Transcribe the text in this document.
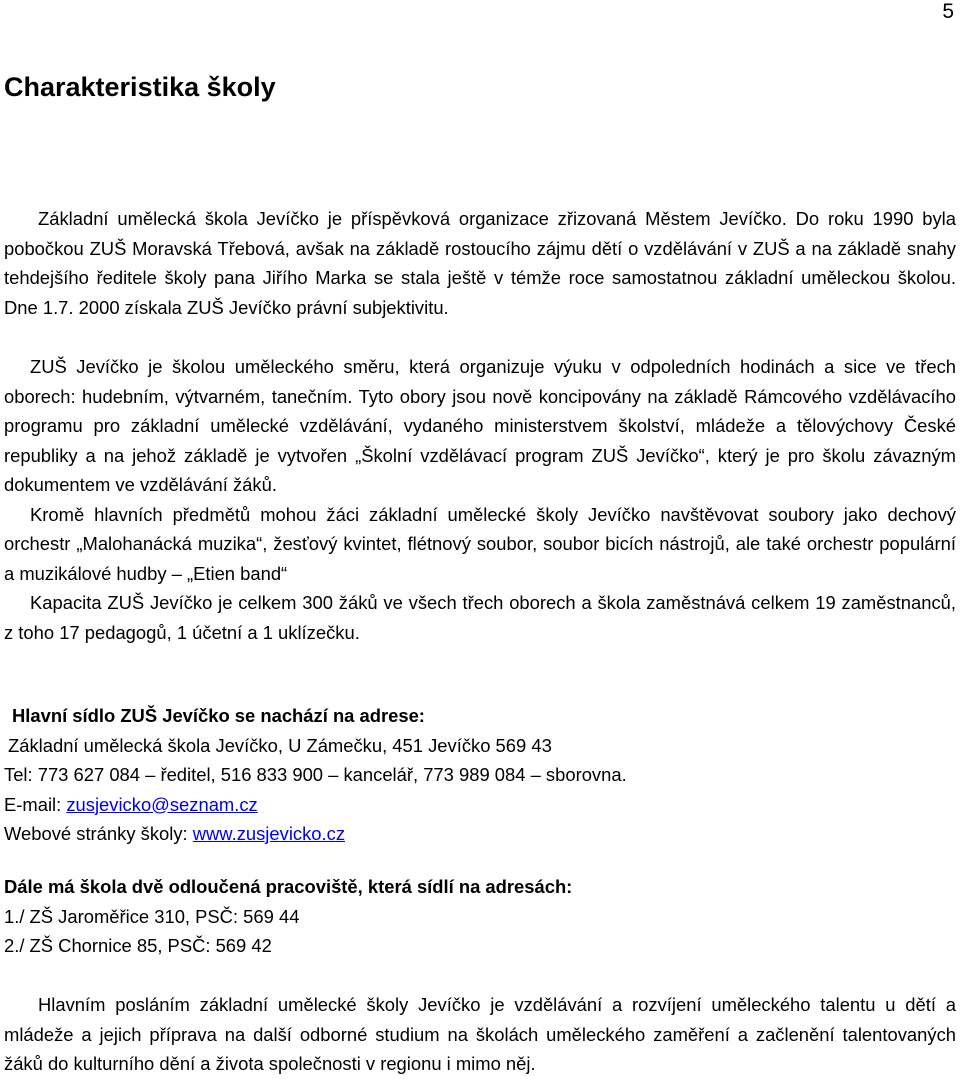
5
Charakteristika školy

Základní umělecká škola Jevíčko je příspěvková organizace zřizovaná Městem Jevíčko. Do roku 1990 byla pobočkou ZUŠ Moravská Třebová, avšak na základě rostoucího zájmu dětí o vzdělávání v ZUŠ a na základě snahy tehdejšího ředitele školy pana Jiřího Marka se stala ještě v témže roce samostatnou základní uměleckou školou. Dne 1.7. 2000 získala ZUŠ Jevíčko právní subjektivitu.

ZUŠ Jevíčko je školou uměleckého směru, která organizuje výuku v odpoledních hodinách a sice ve třech oborech: hudebním, výtvarném, tanečním. Tyto obory jsou nově koncipovány na základě Rámcového vzdělávacího programu pro základní umělecké vzdělávání, vydaného ministerstvem školství, mládeže a tělovýchovy České republiky a na jehož základě je vytvořen „Školní vzdělávací program ZUŠ Jevíčko“, který je pro školu závazným dokumentem ve vzdělávání žáků.

Kromě hlavních předmětů mohou žáci základní umělecké školy Jevíčko navštěvovat soubory jako dechový orchestr „Malohanácká muzika“, žesťový kvintet, flétnový soubor, soubor bicích nástrojů, ale také orchestr populární a muzikálové hudby – „Etien band“

Kapacita ZUŠ Jevíčko je celkem 300 žáků ve všech třech oborech a škola zaměstnává celkem 19 zaměstnanců, z toho 17 pedagogů, 1 účetní a 1 uklízečku.

Hlavní sídlo ZUŠ Jevíčko se nachází na adrese:
Základní umělecká škola Jevíčko, U Zámečku, 451 Jevíčko 569 43
Tel: 773 627 084 – ředitel, 516 833 900 – kancelář, 773 989 084 – sborovna.
E-mail: zusjevicko@seznam.cz
Webové stránky školy: www.zusjevicko.cz
Dále má škola dvě odloučená pracoviště, která sídlí na adresách:
1./ ZŠ Jaroměřice 310, PSČ: 569 44
2./ ZŠ Chornice 85, PSČ: 569 42

Hlavním posláním základní umělecké školy Jevíčko je vzdělávání a rozvíjení uměleckého talentu u dětí a mládeže a jejich příprava na další odborné studium na školách uměleckého zaměření a začlenění talentovaných žáků do kulturního dění a života společnosti v regionu i mimo něj.
